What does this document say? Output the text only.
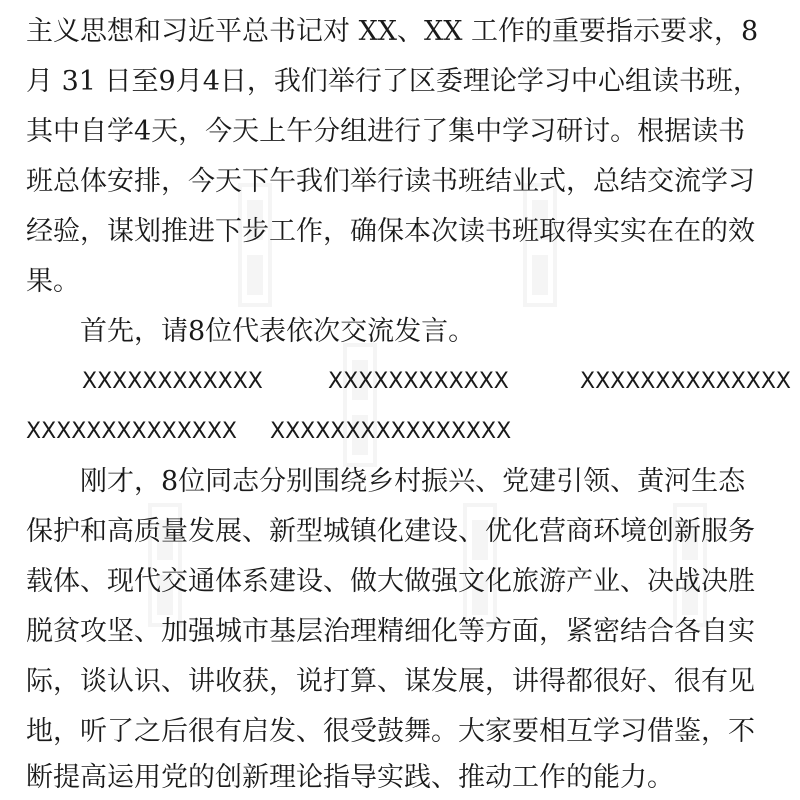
主义思想和习近平总书记对 XX、XX 工作的重要指示要求，8
月 31 日至9月4日，我们举行了区委理论学习中心组读书班，
其中自学4天，今天上午分组进行了集中学习研讨。根据读书
班总体安排，今天下午我们举行读书班结业式，总结交流学习
经验，谋划推进下步工作，确保本次读书班取得实实在在的效
果。
首先，请8位代表依次交流发言。
XXXXXXXXXXXX	XXXXXXXXXXXX	XXXXXXXXXXXXXX
XXXXXXXXXXXXXX XXXXXXXXXXXXXXXX
刚才，8位同志分别围绕乡村振兴、党建引领、黄河生态
保护和高质量发展、新型城镇化建设、优化营商环境创新服务
载体、现代交通体系建设、做大做强文化旅游产业、决战决胜
脱贫攻坚、加强城市基层治理精细化等方面，紧密结合各自实
际，谈认识、讲收获，说打算、谋发展，讲得都很好、很有见
地，听了之后很有启发、很受鼓舞。大家要相互学习借鉴，不
断提高运用党的创新理论指导实践、推动工作的能力。
